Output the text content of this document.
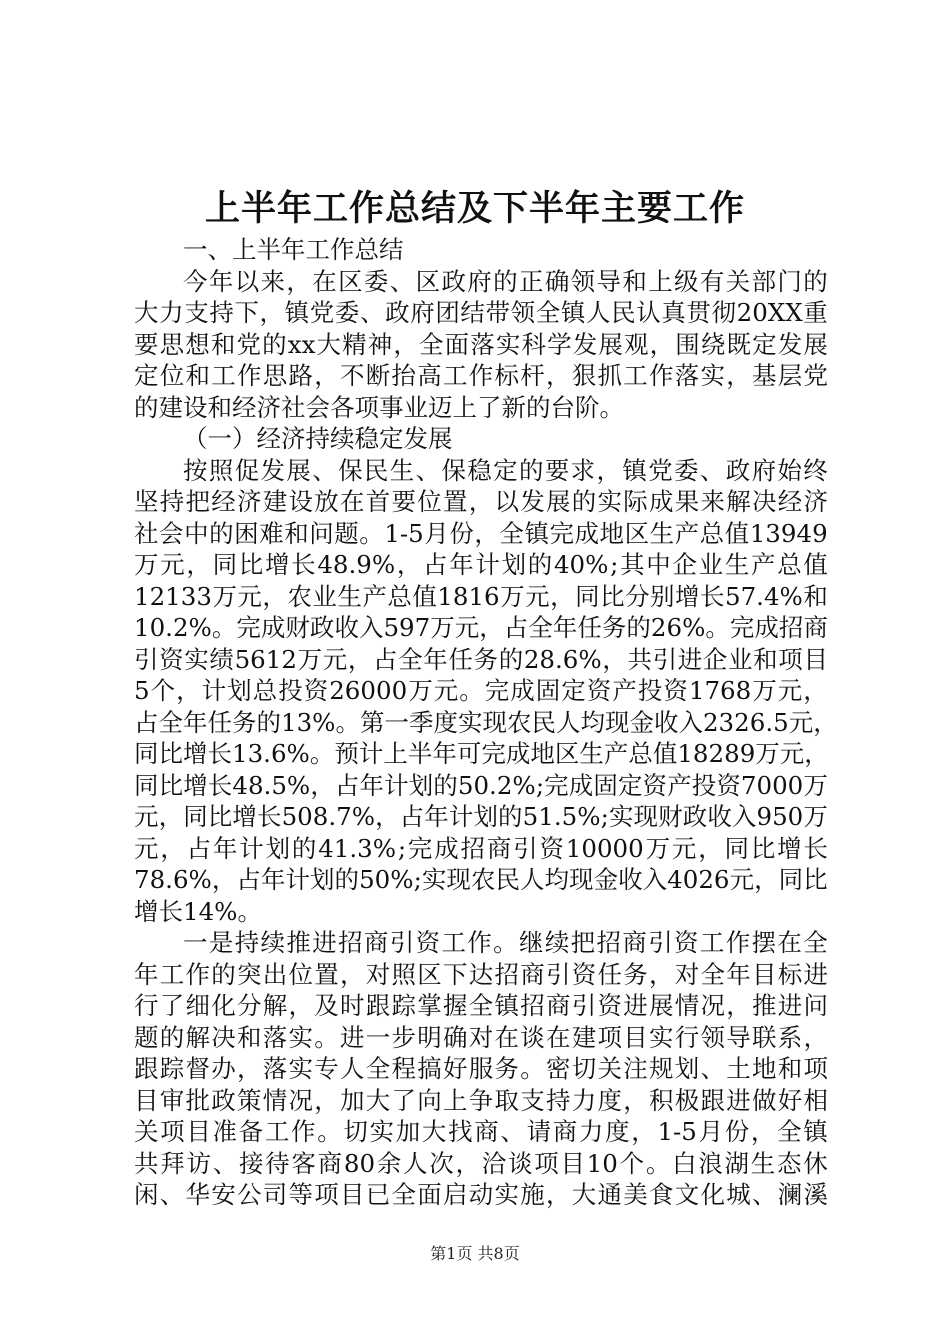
上半年工作总结及下半年主要工作
一、上半年工作总结
今 年 以 来 ， 在 区 委 、 区 政 府 的 正 确 领 导 和 上 级 有 关 部 门 的
大 力 支 持 下 ， 镇 党 委 、 政 府 团 结 带 领 全 镇 人 民 认 真 贯 彻 20XX 重
要 思 想 和 党 的 xx 大 精 神 ， 全 面 落 实 科 学 发 展 观 ， 围 绕 既 定 发 展
定 位 和 工 作 思 路 ， 不 断 抬 高 工 作 标 杆 ， 狠 抓 工 作 落 实 ， 基 层 党
的建设和经济社会各项事业迈上了新的台阶。
（一）经济持续稳定发展
按 照 促 发 展 、 保 民 生 、 保 稳 定 的 要 求 ， 镇 党 委 、 政 府 始 终
坚 持 把 经 济 建 设 放 在 首 要 位 置 ， 以 发 展 的 实 际 成 果 来 解 决 经 济
社 会 中 的 困 难 和 问 题 。 1-5 月 份 ， 全 镇 完 成 地 区 生 产 总 值 13949
万 元 ， 同 比 增 长 48.9% ， 占 年 计 划 的 40% ; 其 中 企 业 生 产 总 值
12133 万 元 ， 农 业 生 产 总 值 1816 万 元 ， 同 比 分 别 增 长 57.4% 和
10.2% 。 完 成 财 政 收 入 597 万 元 ， 占 全 年 任 务 的 26% 。 完 成 招 商
引 资 实 绩 5612 万 元 ， 占 全 年 任 务 的 28.6% ， 共 引 进 企 业 和 项 目
5 个 ， 计 划 总 投 资 26000 万 元 。 完 成 固 定 资 产 投 资 1768 万 元 ，
占 全 年 任 务 的 13% 。 第 一 季 度 实 现 农 民 人 均 现 金 收 入 2326.5 元 ，
同 比 增 长 13.6% 。 预 计 上 半 年 可 完 成 地 区 生 产 总 值 18289 万 元 ，
同 比 增 长 48.5% ， 占 年 计 划 的 50.2% ; 完 成 固 定 资 产 投 资 7000 万
元 ， 同 比 增 长 508.7% ， 占 年 计 划 的 51.5% ; 实 现 财 政 收 入 950 万
元 ， 占 年 计 划 的 41.3% ; 完 成 招 商 引 资 10000 万 元 ， 同 比 增 长
78.6% ， 占 年 计 划 的 50% ; 实 现 农 民 人 均 现 金 收 入 4026 元 ， 同 比
增长14%。
一 是 持 续 推 进 招 商 引 资 工 作 。 继 续 把 招 商 引 资 工 作 摆 在 全
年 工 作 的 突 出 位 置 ， 对 照 区 下 达 招 商 引 资 任 务 ， 对 全 年 目 标 进
行 了 细 化 分 解 ， 及 时 跟 踪 掌 握 全 镇 招 商 引 资 进 展 情 况 ， 推 进 问
题 的 解 决 和 落 实 。 进 一 步 明 确 对 在 谈 在 建 项 目 实 行 领 导 联 系 ，
跟 踪 督 办 ， 落 实 专 人 全 程 搞 好 服 务 。 密 切 关 注 规 划 、 土 地 和 项
目 审 批 政 策 情 况 ， 加 大 了 向 上 争 取 支 持 力 度 ， 积 极 跟 进 做 好 相
关 项 目 准 备 工 作 。 切 实 加 大 找 商 、 请 商 力 度 ， 1-5 月 份 ， 全 镇
共 拜 访 、 接 待 客 商 80 余 人 次 ， 洽 谈 项 目 10 个 。 白 浪 湖 生 态 休
闲 、 华 安 公 司 等 项 目 已 全 面 启 动 实 施 ， 大 通 美 食 文 化 城 、 澜 溪
第1页 共8页
